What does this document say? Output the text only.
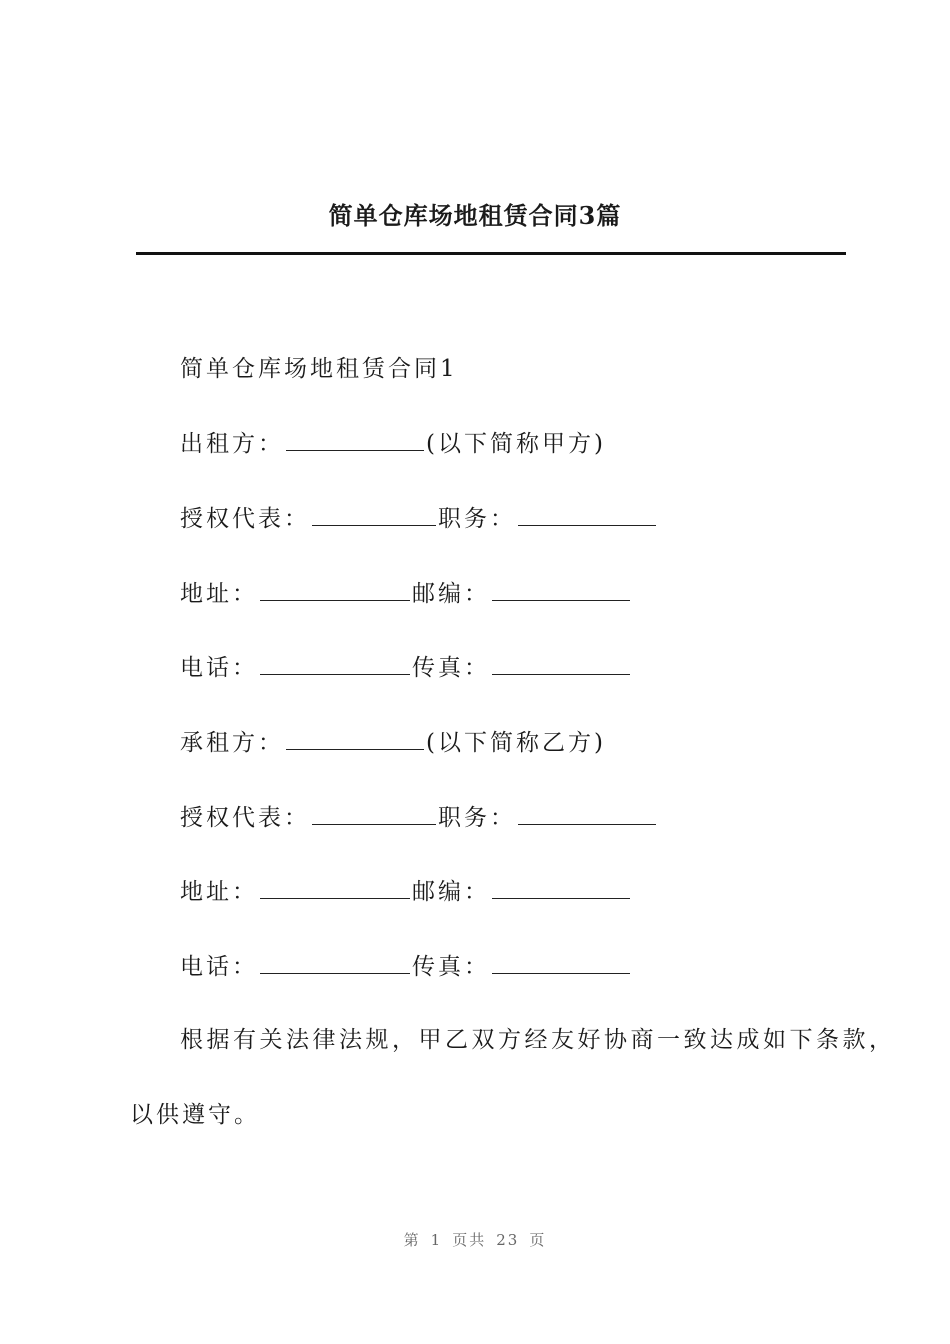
简单仓库场地租赁合同3篇
简单仓库场地租赁合同1
出租方：	(以下简称甲方)
授权代表：	职务：
地址：	邮编：
电话：	传真：
承租方：	(以下简称乙方)
授权代表：	职务：
地址：	邮编：
电话：	传真：
根据有关法律法规，甲乙双方经友好协商一致达成如下条款，
以供遵守。
第 1 页共 23 页
